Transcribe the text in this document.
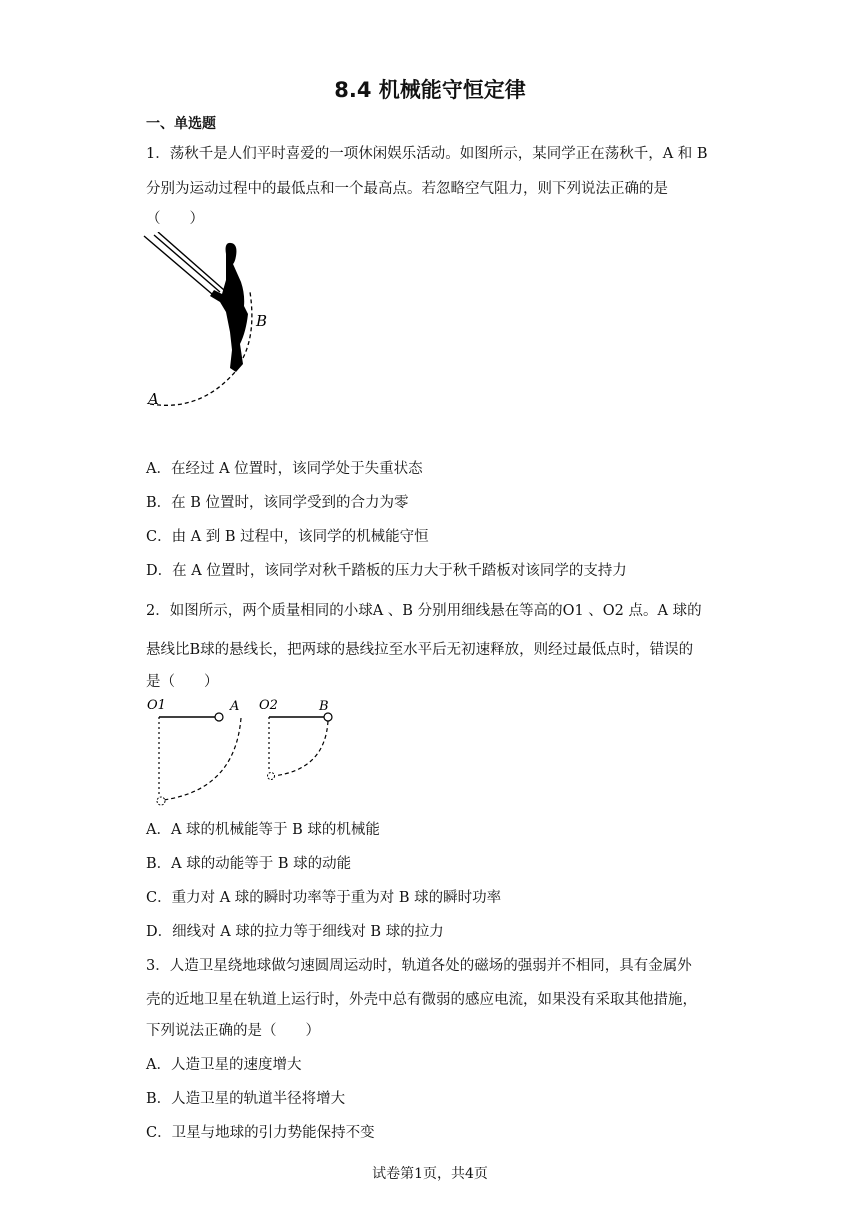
8.4 机械能守恒定律
一、单选题
1．荡秋千是人们平时喜爱的一项休闲娱乐活动。如图所示，某同学正在荡秋千，A 和 B
分别为运动过程中的最低点和一个最高点。若忽略空气阻力，则下列说法正确的是
（　　）
A
B
A．在经过 A 位置时，该同学处于失重状态
B．在 B 位置时，该同学受到的合力为零
C．由 A 到 B 过程中，该同学的机械能守恒
D．在 A 位置时，该同学对秋千踏板的压力大于秋千踏板对该同学的支持力
2．如图所示，两个质量相同的小球A 、B 分别用细线悬在等高的O1 、O2 点。A 球的
悬线比B球的悬线长，把两球的悬线拉至水平后无初速释放，则经过最低点时，错误的
是（　　）
O1	A O2	B
A．A 球的机械能等于 B 球的机械能
B．A 球的动能等于 B 球的动能
C．重力对 A 球的瞬时功率等于重为对 B 球的瞬时功率
D．细线对 A 球的拉力等于细线对 B 球的拉力
3．人造卫星绕地球做匀速圆周运动时，轨道各处的磁场的强弱并不相同，具有金属外
壳的近地卫星在轨道上运行时，外壳中总有微弱的感应电流，如果没有采取其他措施，
下列说法正确的是（　　）
A．人造卫星的速度增大
B．人造卫星的轨道半径将增大
C．卫星与地球的引力势能保持不变
试卷第1页，共4页
